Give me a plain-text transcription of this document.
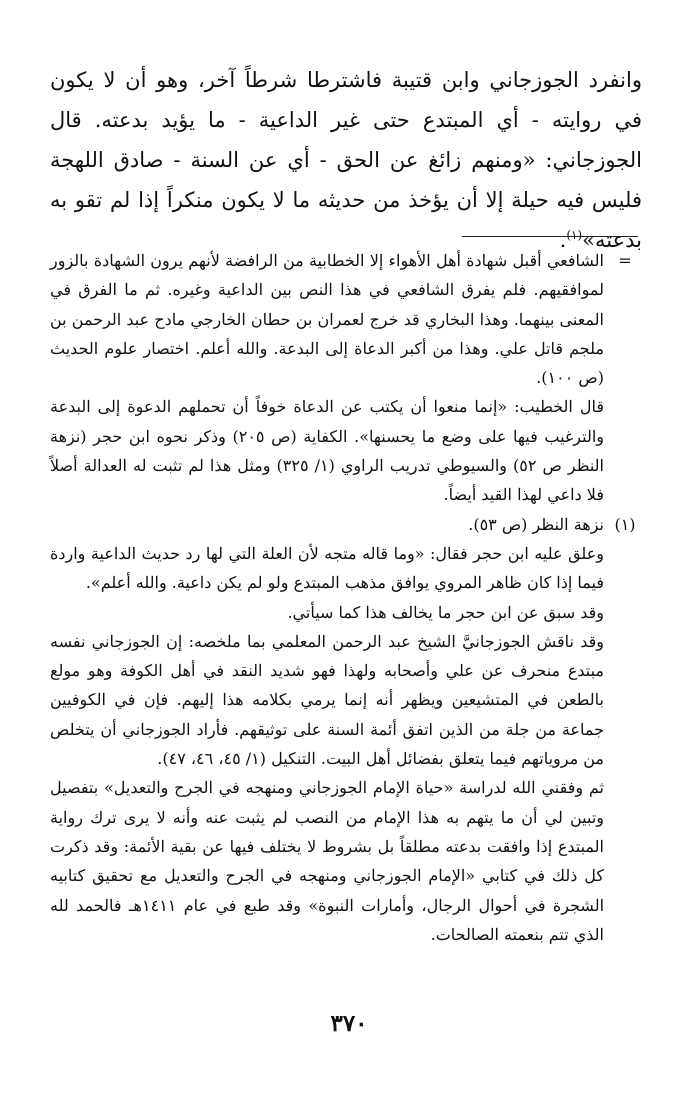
وانفرد الجوزجاني وابن قتيبة فاشترطا شرطاً آخر، وهو أن لا يكون في روايته - أي المبتدع حتى غير الداعية - ما يؤيد بدعته. قال الجوزجاني: «ومنهم زائغ عن الحق - أي عن السنة - صادق اللهجة فليس فيه حيلة إلا أن يؤخذ من حديثه ما لا يكون منكراً إذا لم تقو به بدعته»$^{(١)}$.

=

الشافعي أقبل شهادة أهل الأهواء إلا الخطابية من الرافضة لأنهم يرون الشهادة بالزور لموافقيهم. فلم يفرق الشافعي في هذا النص بين الداعية وغيره. ثم ما الفرق في المعنى بينهما. وهذا البخاري قد خرج لعمران بن حطان الخارجي مادح عبد الرحمن بن ملجم قاتل علي. وهذا من أكبر الدعاة إلى البدعة. والله أعلم. اختصار علوم الحديث (ص ١٠٠).

قال الخطيب: «إنما منعوا أن يكتب عن الدعاة خوفاً أن تحملهم الدعوة إلى البدعة والترغيب فيها على وضع ما يحسنها». الكفاية (ص ٢٠٥) وذكر نحوه ابن حجر (نزهة النظر ص ٥٢) والسيوطي تدريب الراوي (١/ ٣٢٥) ومثل هذا لم تثبت له العدالة أصلاً فلا داعي لهذا القيد أيضاً.

(١)

نزهة النظر (ص ٥٣).

وعلق عليه ابن حجر فقال: «وما قاله متجه لأن العلة التي لها رد حديث الداعية واردة فيما إذا كان ظاهر المروي يوافق مذهب المبتدع ولو لم يكن داعية. والله أعلم».

وقد سبق عن ابن حجر ما يخالف هذا كما سيأتي.

وقد ناقش الجوزجانيَّ الشيخ عبد الرحمن المعلمي بما ملخصه: إن الجوزجاني نفسه مبتدع منحرف عن علي وأصحابه ولهذا فهو شديد النقد في أهل الكوفة وهو مولع بالطعن في المتشيعين ويظهر أنه إنما يرمي بكلامه هذا إليهم. فإن في الكوفيين جماعة من جلة من الذين اتفق أئمة السنة على توثيقهم. فأراد الجوزجاني أن يتخلص من مروياتهم فيما يتعلق بفضائل أهل البيت. التنكيل (١/ ٤٥، ٤٦، ٤٧).

ثم وفقني الله لدراسة «حياة الإمام الجوزجاني ومنهجه في الجرح والتعديل» بتفصيل وتبين لي أن ما يتهم به هذا الإمام من النصب لم يثبت عنه وأنه لا يرى ترك رواية المبتدع إذا وافقت بدعته مطلقاً بل بشروط لا يختلف فيها عن بقية الأئمة: وقد ذكرت كل ذلك في كتابي «الإمام الجوزجاني ومنهجه في الجرح والتعديل مع تحقيق كتابيه الشجرة في أحوال الرجال، وأمارات النبوة» وقد طبع في عام ١٤١١هـ فالحمد لله الذي تتم بنعمته الصالحات.

٣٧٠
